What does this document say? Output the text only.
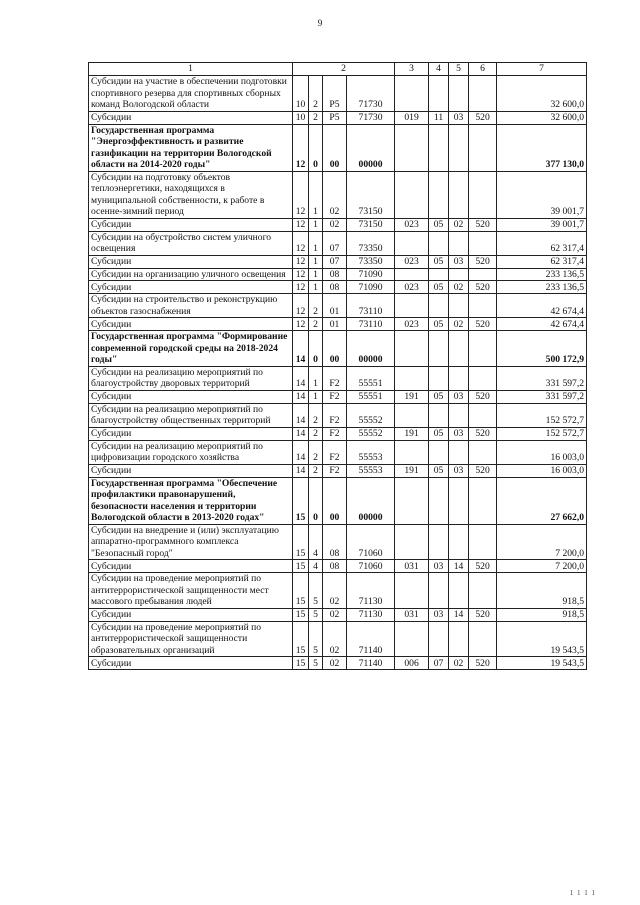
9
1	2				3	4	5	6	7
Субсидии на участие в обеспечении подготовки спортивного резерва для спортивных сборных команд Вологодской области	10	2	P5	71730					32 600,0
Субсидии	10	2	P5	71730	019	11	03	520	32 600,0
Государственная программа "Энергоэффективность и развитие газификации на территории Вологодской области на 2014-2020 годы"	12	0	00	00000					377 130,0
Субсидии на подготовку объектов теплоэнергетики, находящихся в муниципальной собственности, к работе в осенне-зимний период	12	1	02	73150					39 001,7
Субсидии	12	1	02	73150	023	05	02	520	39 001,7
Субсидии на обустройство систем уличного освещения	12	1	07	73350					62 317,4
Субсидии	12	1	07	73350	023	05	03	520	62 317,4
Субсидии на организацию уличного освещения	12	1	08	71090					233 136,5
Субсидии	12	1	08	71090	023	05	02	520	233 136,5
Субсидии на строительство и реконструкцию объектов газоснабжения	12	2	01	73110					42 674,4
Субсидии	12	2	01	73110	023	05	02	520	42 674,4
Государственная программа "Формирование современной городской среды на 2018-2024 годы"	14	0	00	00000					500 172,9
Субсидии на реализацию мероприятий по благоустройству дворовых территорий	14	1	F2	55551					331 597,2
Субсидии	14	1	F2	55551	191	05	03	520	331 597,2
Субсидии на реализацию мероприятий по благоустройству общественных территорий	14	2	F2	55552					152 572,7
Субсидии	14	2	F2	55552	191	05	03	520	152 572,7
Субсидии на реализацию мероприятий по цифровизации городского хозяйства	14	2	F2	55553					16 003,0
Субсидии	14	2	F2	55553	191	05	03	520	16 003,0
Государственная программа "Обеспечение профилактики правонарушений, безопасности населения и территории Вологодской области в 2013-2020 годах"	15	0	00	00000					27 662,0
Субсидии на внедрение и (или) эксплуатацию аппаратно-программного комплекса "Безопасный город"	15	4	08	71060					7 200,0
Субсидии	15	4	08	71060	031	03	14	520	7 200,0
Субсидии на проведение мероприятий по антитеррористической защищенности мест массового пребывания людей	15	5	02	71130					918,5
Субсидии	15	5	02	71130	031	03	14	520	918,5
Субсидии на проведение мероприятий по антитеррористической защищенности образовательных организаций	15	5	02	71140					19 543,5
Субсидии	15	5	02	71140	006	07	02	520	19 543,5
1 1 1 1
